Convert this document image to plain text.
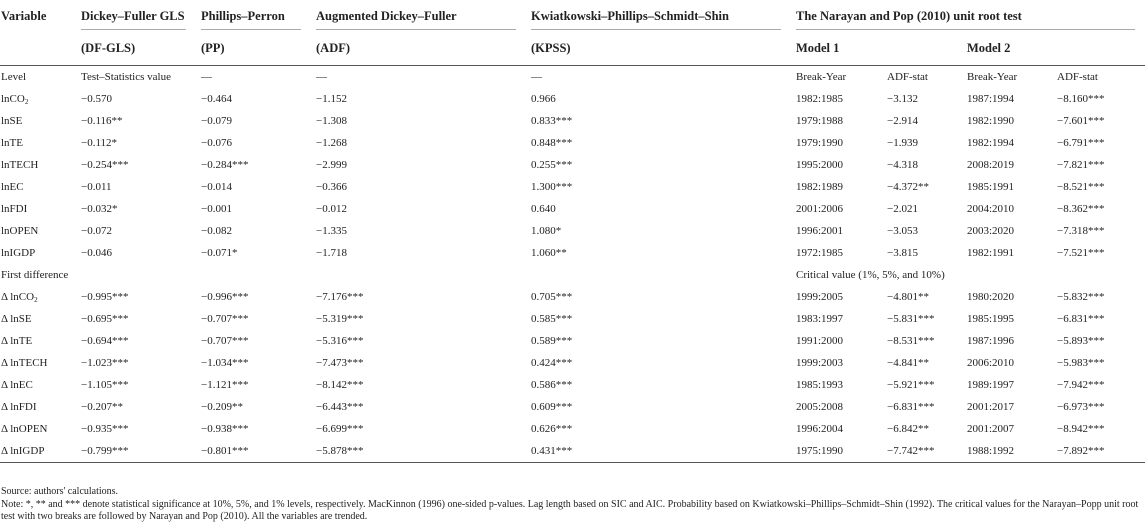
Variable	Dickey–Fuller GLS	Phillips–Perron	Augmented Dickey–Fuller	Kwiatkowski–Phillips–Schmidt–Shin	The Narayan and Pop (2010) unit root test			
	(DF-GLS)	(PP)	(ADF)	(KPSS)	Model 1		Model 2	
Level	Test–Statistics value	—	—	—	Break-Year	ADF-stat	Break-Year	ADF-stat
lnCO$_2$	−0.570	−0.464	−1.152	0.966	1982:1985	−3.132	1987:1994	−8.160***
lnSE	−0.116**	−0.079	−1.308	0.833***	1979:1988	−2.914	1982:1990	−7.601***
lnTE	−0.112*	−0.076	−1.268	0.848***	1979:1990	−1.939	1982:1994	−6.791***
lnTECH	−0.254***	−0.284***	−2.999	0.255***	1995:2000	−4.318	2008:2019	−7.821***
lnEC	−0.011	−0.014	−0.366	1.300***	1982:1989	−4.372**	1985:1991	−8.521***
lnFDI	−0.032*	−0.001	−0.012	0.640	2001:2006	−2.021	2004:2010	−8.362***
lnOPEN	−0.072	−0.082	−1.335	1.080*	1996:2001	−3.053	2003:2020	−7.318***
lnIGDP	−0.046	−0.071*	−1.718	1.060**	1972:1985	−3.815	1982:1991	−7.521***
First difference					Critical value (1%, 5%, and 10%)			
Δ lnCO$_2$	−0.995***	−0.996***	−7.176***	0.705***	1999:2005	−4.801**	1980:2020	−5.832***
Δ lnSE	−0.695***	−0.707***	−5.319***	0.585***	1983:1997	−5.831***	1985:1995	−6.831***
Δ lnTE	−0.694***	−0.707***	−5.316***	0.589***	1991:2000	−8.531***	1987:1996	−5.893***
Δ lnTECH	−1.023***	−1.034***	−7.473***	0.424***	1999:2003	−4.841**	2006:2010	−5.983***
Δ lnEC	−1.105***	−1.121***	−8.142***	0.586***	1985:1993	−5.921***	1989:1997	−7.942***
Δ lnFDI	−0.207**	−0.209**	−6.443***	0.609***	2005:2008	−6.831***	2001:2017	−6.973***
Δ lnOPEN	−0.935***	−0.938***	−6.699***	0.626***	1996:2004	−6.842**	2001:2007	−8.942***
Δ lnIGDP	−0.799***	−0.801***	−5.878***	0.431***	1975:1990	−7.742***	1988:1992	−7.892***

Source: authors' calculations.

Note: *, ** and *** denote statistical significance at 10%, 5%, and 1% levels, respectively. MacKinnon (1996) one-sided p-values. Lag length based on SIC and AIC. Probability based on Kwiatkowski–Phillips–Schmidt–Shin (1992). The critical values for the Narayan–Popp unit root test with two breaks are followed by Narayan and Pop (2010). All the variables are trended.
